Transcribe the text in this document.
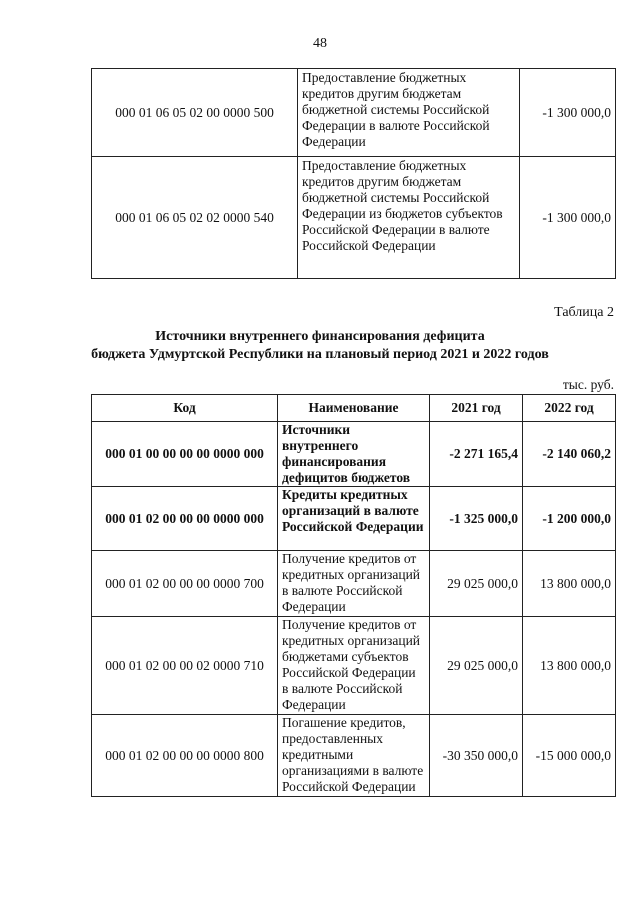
48
000 01 06 05 02 00 0000 500	Предоставление бюджетных кредитов другим бюджетам бюджетной системы Российской Федерации в валюте Российской Федерации	-1 300 000,0
000 01 06 05 02 02 0000 540	Предоставление бюджетных кредитов другим бюджетам бюджетной системы Российской Федерации из бюджетов субъектов Российской Федерации в валюте Российской Федерации	-1 300 000,0
Таблица 2
Источники внутреннего финансирования дефицита
бюджета Удмуртской Республики на плановый период 2021 и 2022 годов
тыс. руб.
Код	Наименование	2021 год	2022 год
000 01 00 00 00 00 0000 000	Источники внутреннего финансирования дефицитов бюджетов	-2 271 165,4	-2 140 060,2
000 01 02 00 00 00 0000 000	Кредиты кредитных организаций в валюте Российской Федерации	-1 325 000,0	-1 200 000,0
000 01 02 00 00 00 0000 700	Получение кредитов от кредитных организаций в валюте Российской Федерации	29 025 000,0	13 800 000,0
000 01 02 00 00 02 0000 710	Получение кредитов от кредитных организаций бюджетами субъектов Российской Федерации в валюте Российской Федерации	29 025 000,0	13 800 000,0
000 01 02 00 00 00 0000 800	Погашение кредитов, предоставленных кредитными организациями в валюте Российской Федерации	-30 350 000,0	-15 000 000,0
